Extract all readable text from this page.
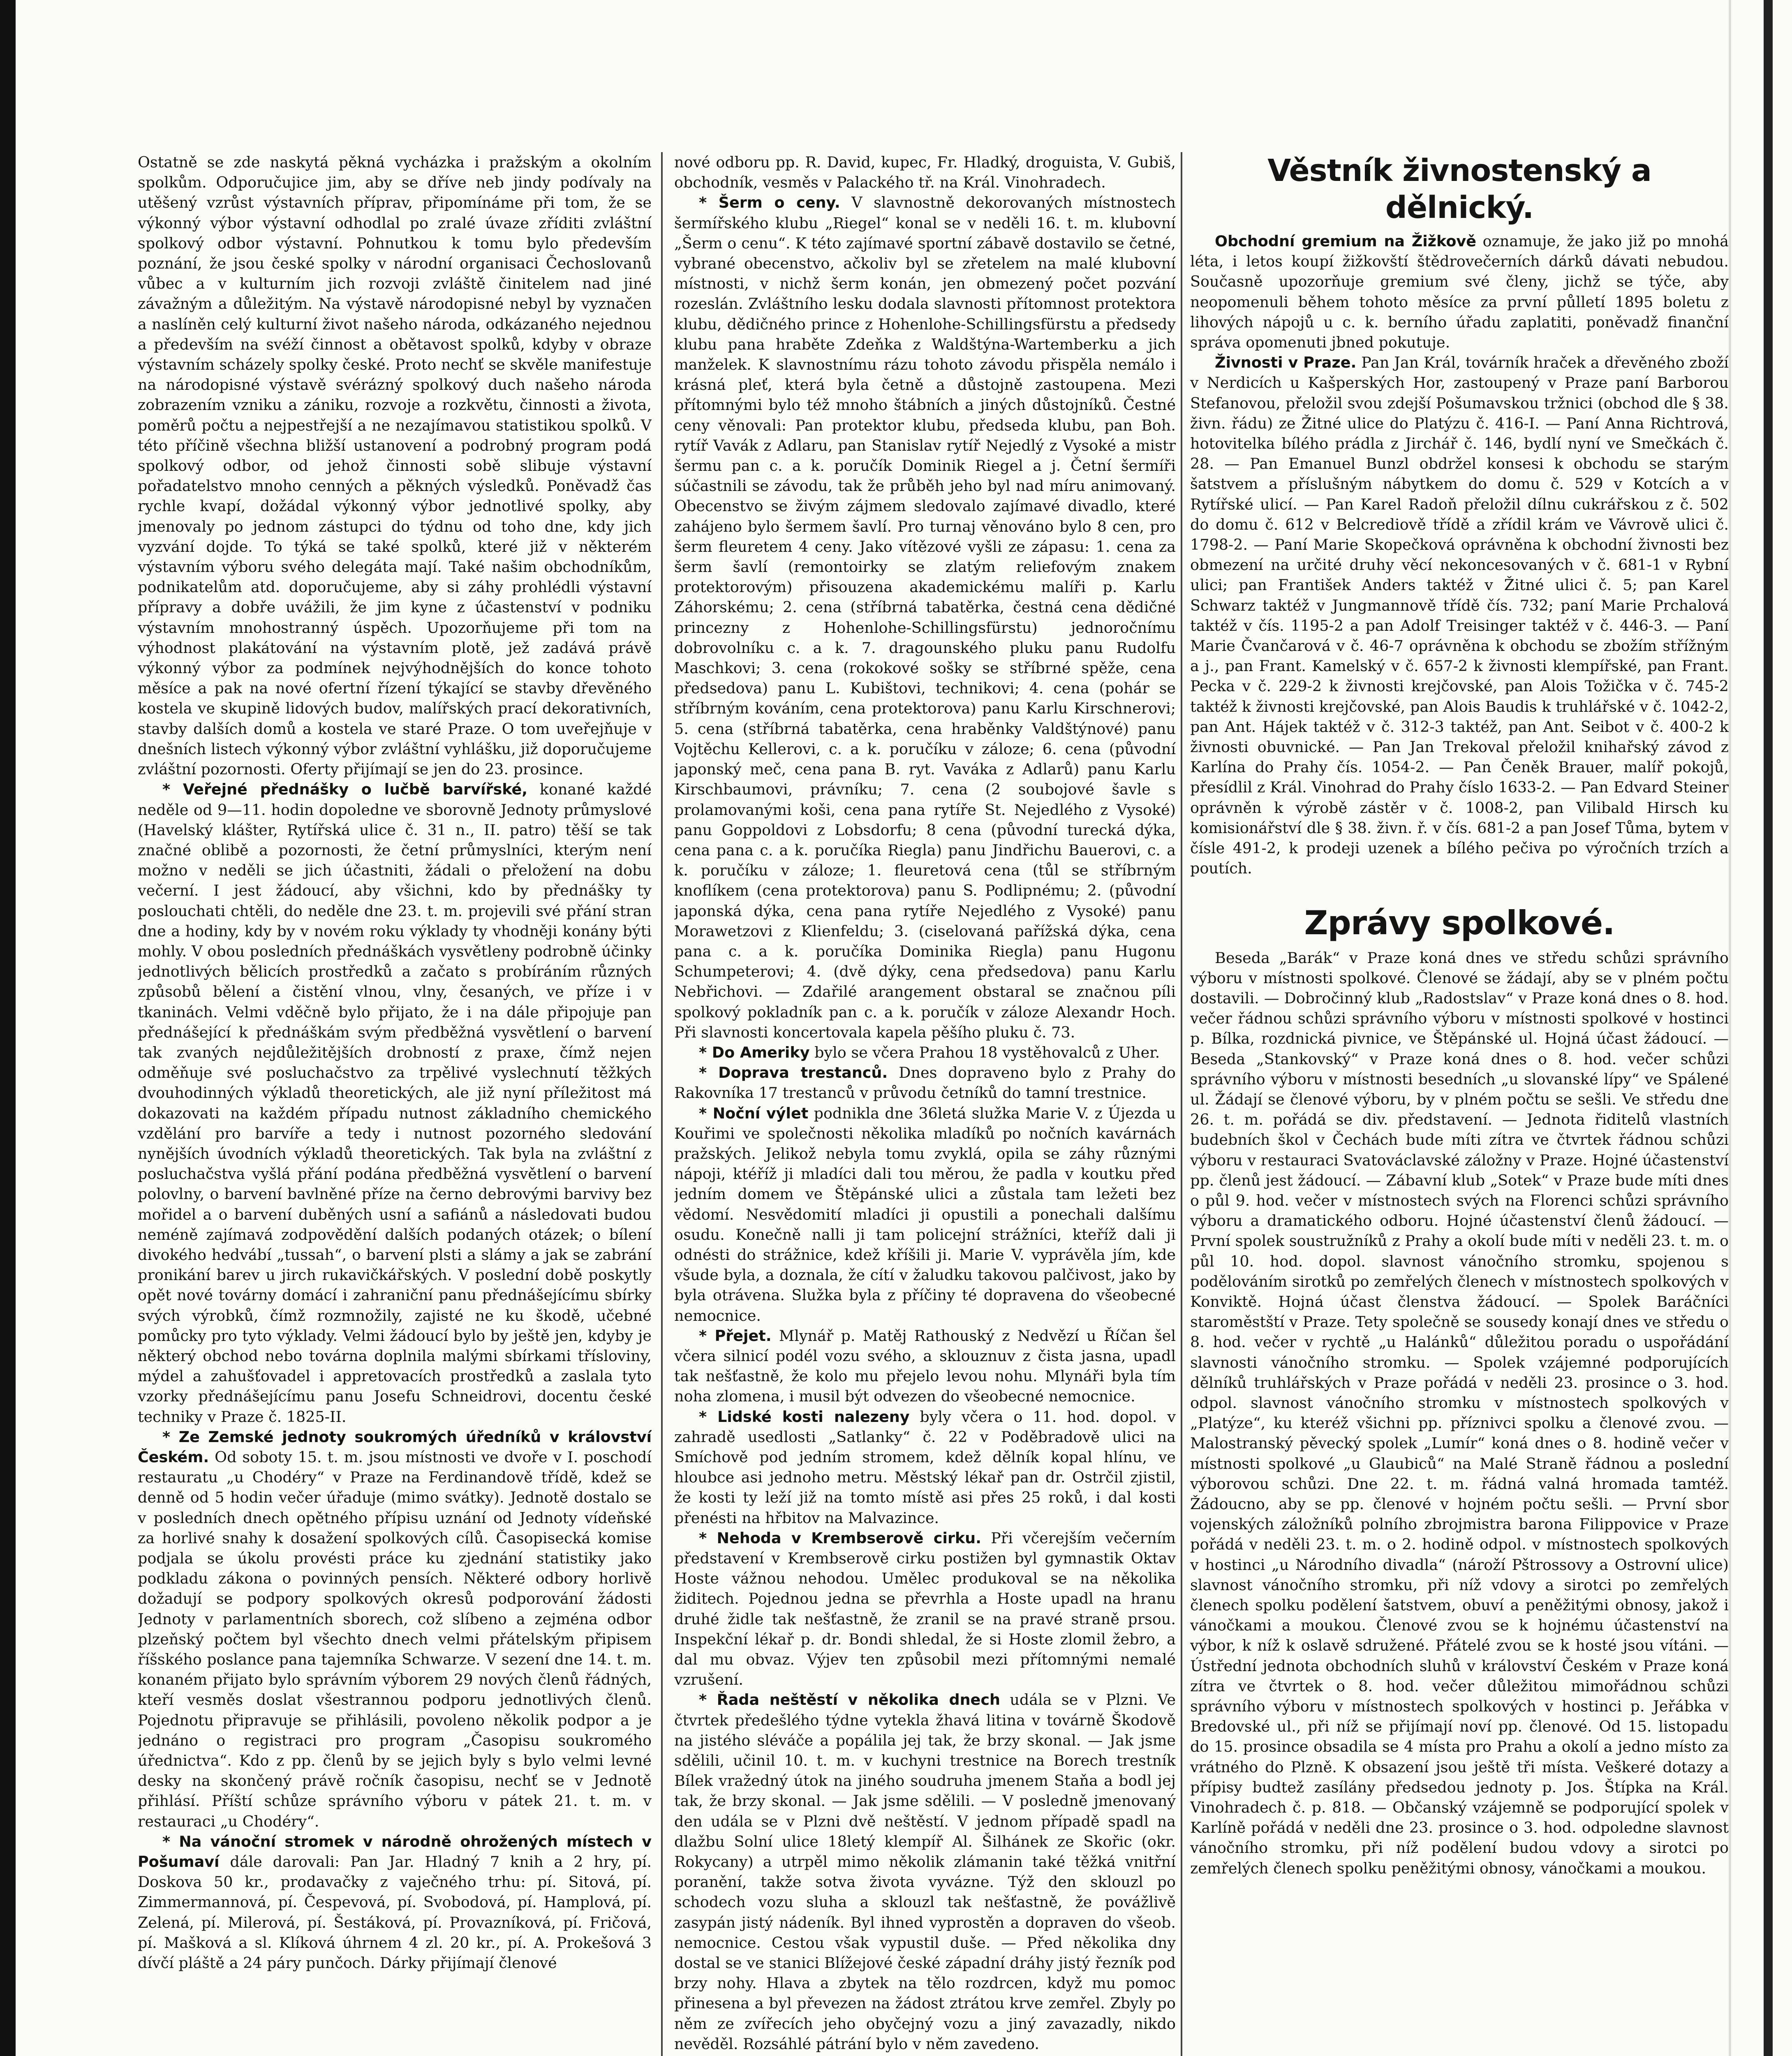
Ostatně se zde naskytá pěkná vycházka i pražským a okolním spolkům. Odporučujice jim, aby se dříve neb jindy podívaly na utěšený vzrůst výstavních příprav, připomínáme při tom, že se výkonný výbor výstavní odhodlal po zralé úvaze zříditi zvláštní spolkový odbor výstavní. Pohnutkou k tomu bylo především poznání, že jsou české spolky v národní organisaci Čechoslovanů vůbec a v kulturním jich rozvoji zvláště činitelem nad jiné závažným a důležitým. Na výstavě národopisné nebyl by vyznačen a naslíněn celý kulturní život našeho národa, odkázaného nejednou a především na svéží činnost a obětavost spolků, kdyby v obraze výstavním scházely spolky české. Proto nechť se skvěle manifestuje na národopisné výstavě svérázný spolkový duch našeho národa zobrazením vzniku a zániku, rozvoje a rozkvětu, činnosti a života, poměrů počtu a nejpestřejší a ne nezajímavou statistikou spolků. V této příčině všechna bližší ustanovení a podrobný program podá spolkový odbor, od jehož činnosti sobě slibuje výstavní pořadatelstvo mnoho cenných a pěkných výsledků. Poněvadž čas rychle kvapí, dožádal výkonný výbor jednotlivé spolky, aby jmenovaly po jednom zástupci do týdnu od toho dne, kdy jich vyzvání dojde. To týká se také spolků, které již v některém výstavním výboru svého delegáta mají. Také našim obchodníkům, podnikatelům atd. doporučujeme, aby si záhy prohlédli výstavní přípravy a dobře uvážili, že jim kyne z účastenství v podniku výstavním mnohostranný úspěch. Upozorňujeme při tom na výhodnost plakátování na výstavním plotě, jež zadává právě výkonný výbor za podmínek nejvýhodnějších do konce tohoto měsíce a pak na nové ofertní řízení týkající se stavby dřevěného kostela ve skupině lidových budov, malířských prací dekorativních, stavby dalších domů a kostela ve staré Praze. O tom uveřejňuje v dnešních listech výkonný výbor zvláštní vyhlášku, již doporučujeme zvláštní pozornosti. Oferty přijímají se jen do 23. prosince.

* Veřejné přednášky o lučbě barvířské, konané každé neděle od 9—11. hodin dopoledne ve sborovně Jednoty průmyslové (Havelský klášter, Rytířská ulice č. 31 n., II. patro) těší se tak značné oblibě a pozornosti, že četní průmyslníci, kterým není možno v neděli se jich účastniti, žádali o přeložení na dobu večerní. I jest žádoucí, aby všichni, kdo by přednášky ty poslouchati chtěli, do neděle dne 23. t. m. projevili své přání stran dne a hodiny, kdy by v novém roku výklady ty vhodněji konány býti mohly. V obou posledních přednáškách vysvětleny podrobně účinky jednotlivých bělicích prostředků a začato s probíráním různých způsobů bělení a čistění vlnou, vlny, česaných, ve příze i v tkaninách. Velmi vděčně bylo přijato, že i na dále připojuje pan přednášející k přednáškám svým předběžná vysvětlení o barvení tak zvaných nejdůležitějších drobností z praxe, čímž nejen odměňuje své posluchačstvo za trpělivé vyslechnutí těžkých dvouhodinných výkladů theoretických, ale již nyní příležitost má dokazovati na každém případu nutnost základního chemického vzdělání pro barvíře a tedy i nutnost pozorného sledování nynějších úvodních výkladů theoretických. Tak byla na zvláštní z posluchačstva vyšlá přání podána předběžná vysvětlení o barvení polovlny, o barvení bavlněné příze na černo debrovými barvivy bez mořidel a o barvení duběných usní a safiánů a následovati budou neméně zajímavá zodpovědění dalších podaných otázek; o bílení divokého hedvábí „tussah“, o barvení plsti a slámy a jak se zabrání pronikání barev u jirch rukavičkářských. V poslední době poskytly opět nové továrny domácí i zahraniční panu přednášejícímu sbírky svých výrobků, čímž rozmnožily, zajisté ne ku škodě, učebné pomůcky pro tyto výklady. Velmi žádoucí bylo by ještě jen, kdyby je některý obchod nebo továrna doplnila malými sbírkami třísloviny, mýdel a zahušťovadel i appretovacích prostředků a zaslala tyto vzorky přednášejícímu panu Josefu Schneidrovi, docentu české techniky v Praze č. 1825-II.

* Ze Zemské jednoty soukromých úředníků v království Českém. Od soboty 15. t. m. jsou místnosti ve dvoře v I. poschodí restauratu „u Chodéry“ v Praze na Ferdinandově třídě, kdež se denně od 5 hodin večer úřaduje (mimo svátky). Jednotě dostalo se v posledních dnech opětného přípisu uznání od Jednoty vídeňské za horlivé snahy k dosažení spolkových cílů. Časopisecká komise podjala se úkolu provésti práce ku zjednání statistiky jako podkladu zákona o povinných pensích. Některé odbory horlivě dožadují se podpory spolkových okresů podporování žádosti Jednoty v parlamentních sborech, což slíbeno a zejména odbor plzeňský počtem byl všechto dnech velmi přátelským připisem říšského poslance pana tajemníka Schwarze. V sezení dne 14. t. m. konaném přijato bylo správním výborem 29 nových členů řádných, kteří vesměs doslat všestrannou podporu jednotlivých členů. Pojednotu připravuje se přihlásili, povoleno několik podpor a je jednáno o registraci pro program „Časopisu soukromého úřednictva“. Kdo z pp. členů by se jejich byly s bylo velmi levné desky na skončený právě ročník časopisu, nechť se v Jednotě přihlásí. Příští schůze správního výboru v pátek 21. t. m. v restauraci „u Chodéry“.

* Na vánoční stromek v národně ohrožených místech v Pošumaví dále darovali: Pan Jar. Hladný 7 knih a 2 hry, pí. Doskova 50 kr., prodavačky z vaječného trhu: pí. Sitová, pí. Zimmermannová, pí. Čespevová, pí. Svobodová, pí. Hamplová, pí. Zelená, pí. Milerová, pí. Šestáková, pí. Provazníková, pí. Fričová, pí. Mašková a sl. Klíková úhrnem 4 zl. 20 kr., pí. A. Prokešová 3 dívčí pláště a 24 páry punčoch. Dárky přijímají členové

nové odboru pp. R. David, kupec, Fr. Hladký, droguista, V. Gubiš, obchodník, vesměs v Palackého tř. na Král. Vinohradech.

* Šerm o ceny. V slavnostně dekorovaných místnostech šermířského klubu „Riegel“ konal se v neděli 16. t. m. klubovní „Šerm o cenu“. K této zajímavé sportní zábavě dostavilo se četné, vybrané obecenstvo, ačkoliv byl se zřetelem na malé klubovní místnosti, v nichž šerm konán, jen obmezený počet pozvání rozeslán. Zvláštního lesku dodala slavnosti přítomnost protektora klubu, dědičného prince z Hohenlohe-Schillingsfürstu a předsedy klubu pana hraběte Zdeňka z Waldštýna-Wartemberku a jich manželek. K slavnostnímu rázu tohoto závodu přispěla nemálo i krásná pleť, která byla četně a důstojně zastoupena. Mezi přítomnými bylo též mnoho štábních a jiných důstojníků. Čestné ceny věnovali: Pan protektor klubu, předseda klubu, pan Boh. rytíř Vavák z Adlaru, pan Stanislav rytíř Nejedlý z Vysoké a mistr šermu pan c. a k. poručík Dominik Riegel a j. Četní šermíři súčastnili se závodu, tak že průběh jeho byl nad míru animovaný. Obecenstvo se živým zájmem sledovalo zajímavé divadlo, které zahájeno bylo šermem šavlí. Pro turnaj věnováno bylo 8 cen, pro šerm fleuretem 4 ceny. Jako vítězové vyšli ze zápasu: 1. cena za šerm šavlí (remontoirky se zlatým reliefovým znakem protektorovým) přisouzena akademickému malíři p. Karlu Záhorskému; 2. cena (stříbrná tabatěrka, čestná cena dědičné princezny z Hohenlohe-Schillingsfürstu) jednoročnímu dobrovolníku c. a k. 7. dragounského pluku panu Rudolfu Maschkovi; 3. cena (rokokové sošky se stříbrné spěže, cena předsedova) panu L. Kubištovi, technikovi; 4. cena (pohár se stříbrným kováním, cena protektorova) panu Karlu Kirschnerovi; 5. cena (stříbrná tabatěrka, cena hraběnky Valdštýnové) panu Vojtěchu Kellerovi, c. a k. poručíku v záloze; 6. cena (původní japonský meč, cena pana B. ryt. Vaváka z Adlarů) panu Karlu Kirschbaumovi, právníku; 7. cena (2 soubojové šavle s prolamovanými koši, cena pana rytíře St. Nejedlého z Vysoké) panu Goppoldovi z Lobsdorfu; 8 cena (původní turecká dýka, cena pana c. a k. poručíka Riegla) panu Jindřichu Bauerovi, c. a k. poručíku v záloze; 1. fleuretová cena (tůl se stříbrným knoflíkem (cena protektorova) panu S. Podlipnému; 2. (původní japonská dýka, cena pana rytíře Nejedlého z Vysoké) panu Morawetzovi z Klienfeldu; 3. (ciselovaná pařížská dýka, cena pana c. a k. poručíka Dominika Riegla) panu Hugonu Schumpeterovi; 4. (dvě dýky, cena předsedova) panu Karlu Nebřichovi. — Zdařilé arangement obstaral se značnou píli spolkový pokladník pan c. a k. poručík v záloze Alexandr Hoch. Při slavnosti koncertovala kapela pěšího pluku č. 73.

* Do Ameriky bylo se včera Prahou 18 vystěhovalců z Uher.

* Doprava trestanců. Dnes dopraveno bylo z Prahy do Rakovníka 17 trestanců v průvodu četníků do tamní trestnice.

* Noční výlet podnikla dne 36letá služka Marie V. z Újezda u Kouřimi ve společnosti několika mladíků po nočních kavárnách pražských. Jelikož nebyla tomu zvyklá, opila se záhy různými nápoji, ktéříž ji mladíci dali tou měrou, že padla v koutku před jedním domem ve Štěpánské ulici a zůstala tam ležeti bez vědomí. Nesvědomití mladíci ji opustili a ponechali dalšímu osudu. Konečně nalli ji tam policejní strážníci, kteříž dali ji odnésti do strážnice, kdež kříšili ji. Marie V. vyprávěla jím, kde všude byla, a doznala, že cítí v žaludku takovou palčivost, jako by byla otrávena. Služka byla z příčiny té dopravena do všeobecné nemocnice.

* Přejet. Mlynář p. Matěj Rathouský z Nedvězí u Říčan šel včera silnicí podél vozu svého, a sklouznuv z čista jasna, upadl tak nešťastně, že kolo mu přejelo levou nohu. Mlynáři byla tím noha zlomena, i musil být odvezen do všeobecné nemocnice.

* Lidské kosti nalezeny byly včera o 11. hod. dopol. v zahradě usedlosti „Satlanky“ č. 22 v Poděbradově ulici na Smíchově pod jedním stromem, kdež dělník kopal hlínu, ve hloubce asi jednoho metru. Městský lékař pan dr. Ostrčil zjistil, že kosti ty leží již na tomto místě asi přes 25 roků, i dal kosti přenésti na hřbitov na Malvazince.

* Nehoda v Krembserově cirku. Při včerejším večerním představení v Krembserově cirku postižen byl gymnastik Oktav Hoste vážnou nehodou. Umělec produkoval se na několika židitech. Pojednou jedna se převrhla a Hoste upadl na hranu druhé židle tak nešťastně, že zranil se na pravé straně prsou. Inspekční lékař p. dr. Bondi shledal, že si Hoste zlomil žebro, a dal mu obvaz. Výjev ten způsobil mezi přítomnými nemalé vzrušení.

* Řada neštěstí v několika dnech udála se v Plzni. Ve čtvrtek předešlého týdne vytekla žhavá litina v továrně Škodově na jistého sléváče a popálila jej tak, že brzy skonal. — Jak jsme sdělili, učinil 10. t. m. v kuchyni trestnice na Borech trestník Bílek vražedný útok na jiného soudruha jmenem Staňa a bodl jej tak, že brzy skonal. — Jak jsme sdělili. — V posledně jmenovaný den udála se v Plzni dvě neštěstí. V jednom případě spadl na dlažbu Solní ulice 18letý klempíř Al. Šilhánek ze Skořic (okr. Rokycany) a utrpěl mimo několik zlámanin také těžká vnitřní poranění, takže sotva života vyvázne. Týž den sklouzl po schodech vozu sluha a sklouzl tak nešťastně, že povážlivě zasypán jistý nádeník. Byl ihned vyprostěn a dopraven do všeob. nemocnice. Cestou však vypustil duše. — Před několika dny dostal se ve stanici Blížejové české západní dráhy jistý řezník pod brzy nohy. Hlava a zbytek na tělo rozdrcen, když mu pomoc přinesena a byl převezen na žádost ztrátou krve zemřel. Zbyly po něm ze zvířecích jeho obyčejný vozu a jiný zavazadly, nikdo nevěděl. Rozsáhlé pátrání bylo v něm zavedeno.

Věstník živnostenský a dělnický.

Obchodní gremium na Žižkově oznamuje, že jako již po mnohá léta, i letos koupí žižkovští štědrovečerních dárků dávati nebudou. Současně upozorňuje gremium své členy, jichž se týče, aby neopomenuli během tohoto měsíce za první půlletí 1895 boletu z lihových nápojů u c. k. berního úřadu zaplatiti, poněvadž finanční správa opomenuti jbned pokutuje.

Živnosti v Praze. Pan Jan Král, továrník hraček a dřevěného zboží v Nerdicích u Kašperských Hor, zastoupený v Praze paní Barborou Stefanovou, přeložil svou zdejší Pošumavskou tržnici (obchod dle § 38. živn. řádu) ze Žitné ulice do Platýzu č. 416-I. — Paní Anna Richtrová, hotovitelka bílého prádla z Jirchář č. 146, bydlí nyní ve Smečkách č. 28. — Pan Emanuel Bunzl obdržel konsesi k obchodu se starým šatstvem a příslušným nábytkem do domu č. 529 v Kotcích a v Rytířské ulicí. — Pan Karel Radoň přeložil dílnu cukrářskou z č. 502 do domu č. 612 v Belcrediově třídě a zřídil krám ve Vávrově ulici č. 1798-2. — Paní Marie Skopečková oprávněna k obchodní živnosti bez obmezení na určité druhy věcí nekoncesovaných v č. 681-1 v Rybní ulici; pan František Anders taktéž v Žitné ulici č. 5; pan Karel Schwarz taktéž v Jungmannově třídě čís. 732; paní Marie Prchalová taktéž v čís. 1195-2 a pan Adolf Treisinger taktéž v č. 446-3. — Paní Marie Čvančarová v č. 46-7 oprávněna k obchodu se zbožím střížným a j., pan Frant. Kamelský v č. 657-2 k živnosti klempířské, pan Frant. Pecka v č. 229-2 k živnosti krejčovské, pan Alois Tožička v č. 745-2 taktéž k živnosti krejčovské, pan Alois Baudis k truhlářské v č. 1042-2, pan Ant. Hájek taktéž v č. 312-3 taktéž, pan Ant. Seibot v č. 400-2 k živnosti obuvnické. — Pan Jan Trekoval přeložil knihařský závod z Karlína do Prahy čís. 1054-2. — Pan Čeněk Brauer, malíř pokojů, přesídlil z Král. Vinohrad do Prahy číslo 1633-2. — Pan Edvard Steiner oprávněn k výrobě zástěr v č. 1008-2, pan Vilibald Hirsch ku komisionářství dle § 38. živn. ř. v čís. 681-2 a pan Josef Tůma, bytem v čísle 491-2, k prodeji uzenek a bílého pečiva po výročních trzích a poutích.

Zprávy spolkové.

Beseda „Barák“ v Praze koná dnes ve středu schůzi správního výboru v místnosti spolkové. Členové se žádají, aby se v plném počtu dostavili. — Dobročinný klub „Radostslav“ v Praze koná dnes o 8. hod. večer řádnou schůzi správního výboru v místnosti spolkové v hostinci p. Bílka, rozdnická pivnice, ve Štěpánské ul. Hojná účast žádoucí. — Beseda „Stankovský“ v Praze koná dnes o 8. hod. večer schůzi správního výboru v místnosti besedních „u slovanské lípy“ ve Spálené ul. Žádají se členové výboru, by v plném počtu se sešli. Ve středu dne 26. t. m. pořádá se div. představení. — Jednota řiditelů vlastních budebních škol v Čechách bude míti zítra ve čtvrtek řádnou schůzi výboru v restauraci Svatováclavské záložny v Praze. Hojné účastenství pp. členů jest žádoucí. — Zábavní klub „Sotek“ v Praze bude míti dnes o půl 9. hod. večer v místnostech svých na Florenci schůzi správního výboru a dramatického odboru. Hojné účastenství členů žádoucí. — První spolek soustružníků z Prahy a okolí bude míti v neděli 23. t. m. o půl 10. hod. dopol. slavnost vánočního stromku, spojenou s podělováním sirotků po zemřelých členech v místnostech spolkových v Konviktě. Hojná účast členstva žádoucí. — Spolek Baráčníci staroměstští v Praze. Tety společně se sousedy konají dnes ve středu o 8. hod. večer v rychtě „u Halánků“ důležitou poradu o uspořádání slavnosti vánočního stromku. — Spolek vzájemné podporujících dělníků truhlářských v Praze pořádá v neděli 23. prosince o 3. hod. odpol. slavnost vánočního stromku v místnostech spolkových v „Platýze“, ku kteréž všichni pp. příznivci spolku a členové zvou. — Malostranský pěvecký spolek „Lumír“ koná dnes o 8. hodině večer v místnosti spolkové „u Glaubiců“ na Malé Straně řádnou a poslední výborovou schůzi. Dne 22. t. m. řádná valná hromada tamtéž. Žádoucno, aby se pp. členové v hojném počtu sešli. — První sbor vojenských záložníků polního zbrojmistra barona Filippovice v Praze pořádá v neděli 23. t. m. o 2. hodině odpol. v místnostech spolkových v hostinci „u Národního divadla“ (nároží Pštrossovy a Ostrovní ulice) slavnost vánočního stromku, při níž vdovy a sirotci po zemřelých členech spolku podělení šatstvem, obuví a peněžitými obnosy, jakož i vánočkami a moukou. Členové zvou se k hojnému účastenství na výbor, k níž k oslavě sdružené. Přátelé zvou se k hosté jsou vítáni. — Ústřední jednota obchodních sluhů v království Českém v Praze koná zítra ve čtvrtek o 8. hod. večer důležitou mimořádnou schůzi správního výboru v místnostech spolkových v hostinci p. Jeřábka v Bredovské ul., při níž se přijímají noví pp. členové. Od 15. listopadu do 15. prosince obsadila se 4 místa pro Prahu a okolí a jedno místo za vrátného do Plzně. K obsazení jsou ještě tři místa. Veškeré dotazy a přípisy budtež zasílány předsedou jednoty p. Jos. Štípka na Král. Vinohradech č. p. 818. — Občanský vzájemně se podporující spolek v Karlíně pořádá v neděli dne 23. prosince o 3. hod. odpoledne slavnost vánočního stromku, při níž podělení budou vdovy a sirotci po zemřelých členech spolku peněžitými obnosy, vánočkami a moukou.
